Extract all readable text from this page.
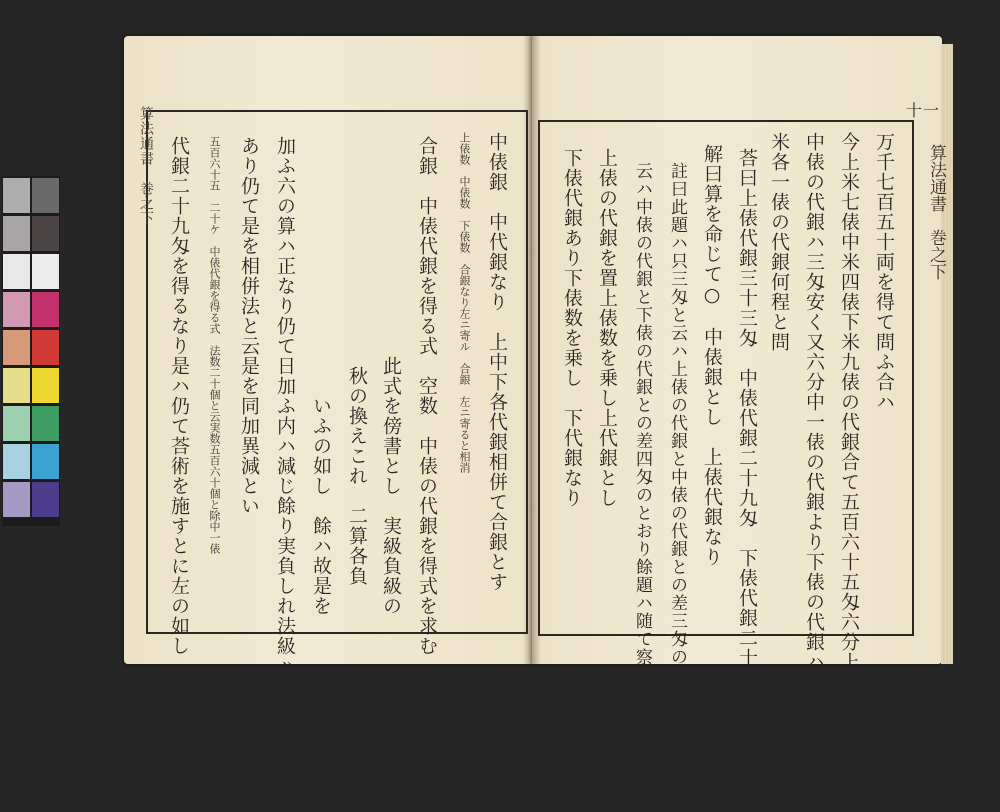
算法通書　巻之下	十一
算法通書　巻之下
万千七百五十両を得て問ふ合ハ
今上米七俵中米四俵下米九俵の代銀合て五百六十五匁六分上の代銀より
中俵の代銀ハ三匁安く又六分中一俵の代銀より下俵の代銀ハ四匁安し上中下
米各一俵の代銀何程と問
荅曰上俵代銀三十三匁　中俵代銀二十九匁　下俵代銀二十五匁
解曰算を命じて○　中俵銀とし　上俵代銀なり
註曰此題ハ只三匁と云ハ上俵の代銀と中俵の代銀との差三匁のとおり又六分と
云ハ中俵の代銀と下俵の代銀との差四匁のとおり餘題ハ随て察すべし
上俵の代銀を置上俵数を乗し上代銀とし
下俵代銀あり下俵数を乗し　下代銀なり
中俵銀　中代銀なり　上中下各代銀相併て合銀とす
上俵数　中俵数　下俵数　合銀なり左ニ寄ル　合銀　左ニ寄ると相消
合銀　中俵代銀を得る式　空数　中俵の代銀を得式を求む
此式を傍書とし　実級負級の
秋の換えこれ　二算各負
いふの如し　餘ハ故是を
加ふ六の算ハ正なり仍て日加ふ内ハ減じ餘り実負しれ法級ハ皆正算
あり仍て是を相併法と云是を同加異減とい
五百六十五　二十ケ　中俵代銀を得る式　法数二十個と云実数五百六十個と除中一俵
代銀二十九匁を得るなり是ハ仍て荅術を施すとに左の如し
